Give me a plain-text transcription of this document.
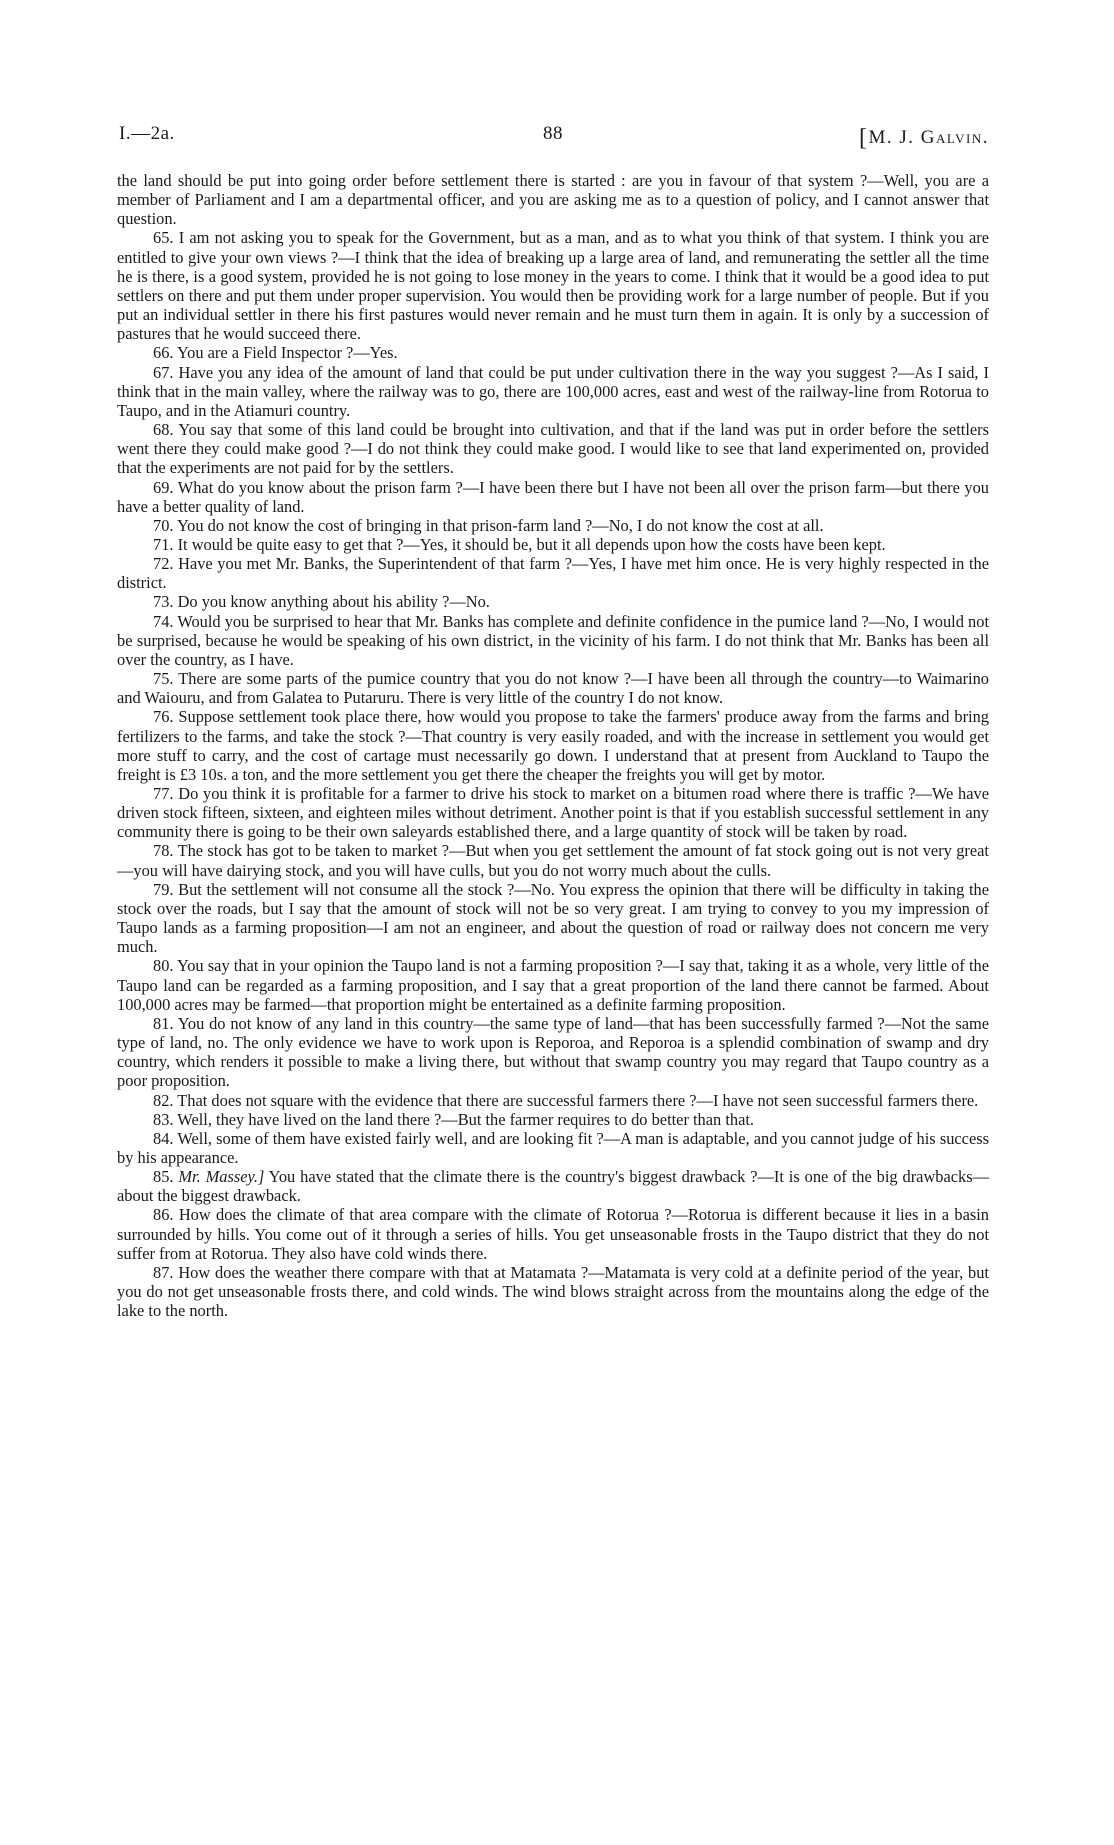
I.—2a.	88	[M. J. Galvin.

the land should be put into going order before settlement there is started : are you in favour of that system ?—Well, you are a member of Parliament and I am a departmental officer, and you are asking me as to a question of policy, and I cannot answer that question.

65. I am not asking you to speak for the Government, but as a man, and as to what you think of that system. I think you are entitled to give your own views ?—I think that the idea of breaking up a large area of land, and remunerating the settler all the time he is there, is a good system, provided he is not going to lose money in the years to come. I think that it would be a good idea to put settlers on there and put them under proper supervision. You would then be providing work for a large number of people. But if you put an individual settler in there his first pastures would never remain and he must turn them in again. It is only by a succession of pastures that he would succeed there.

66. You are a Field Inspector ?—Yes.

67. Have you any idea of the amount of land that could be put under cultivation there in the way you suggest ?—As I said, I think that in the main valley, where the railway was to go, there are 100,000 acres, east and west of the railway-line from Rotorua to Taupo, and in the Atiamuri country.

68. You say that some of this land could be brought into cultivation, and that if the land was put in order before the settlers went there they could make good ?—I do not think they could make good. I would like to see that land experimented on, provided that the experiments are not paid for by the settlers.

69. What do you know about the prison farm ?—I have been there but I have not been all over the prison farm—but there you have a better quality of land.

70. You do not know the cost of bringing in that prison-farm land ?—No, I do not know the cost at all.

71. It would be quite easy to get that ?—Yes, it should be, but it all depends upon how the costs have been kept.

72. Have you met Mr. Banks, the Superintendent of that farm ?—Yes, I have met him once. He is very highly respected in the district.

73. Do you know anything about his ability ?—No.

74. Would you be surprised to hear that Mr. Banks has complete and definite confidence in the pumice land ?—No, I would not be surprised, because he would be speaking of his own district, in the vicinity of his farm. I do not think that Mr. Banks has been all over the country, as I have.

75. There are some parts of the pumice country that you do not know ?—I have been all through the country—to Waimarino and Waiouru, and from Galatea to Putaruru. There is very little of the country I do not know.

76. Suppose settlement took place there, how would you propose to take the farmers' produce away from the farms and bring fertilizers to the farms, and take the stock ?—That country is very easily roaded, and with the increase in settlement you would get more stuff to carry, and the cost of cartage must necessarily go down. I understand that at present from Auckland to Taupo the freight is £3 10s. a ton, and the more settlement you get there the cheaper the freights you will get by motor.

77. Do you think it is profitable for a farmer to drive his stock to market on a bitumen road where there is traffic ?—We have driven stock fifteen, sixteen, and eighteen miles without detriment. Another point is that if you establish successful settlement in any community there is going to be their own saleyards established there, and a large quantity of stock will be taken by road.

78. The stock has got to be taken to market ?—But when you get settlement the amount of fat stock going out is not very great—you will have dairying stock, and you will have culls, but you do not worry much about the culls.

79. But the settlement will not consume all the stock ?—No. You express the opinion that there will be difficulty in taking the stock over the roads, but I say that the amount of stock will not be so very great. I am trying to convey to you my impression of Taupo lands as a farming proposition—I am not an engineer, and about the question of road or railway does not concern me very much.

80. You say that in your opinion the Taupo land is not a farming proposition ?—I say that, taking it as a whole, very little of the Taupo land can be regarded as a farming proposition, and I say that a great proportion of the land there cannot be farmed. About 100,000 acres may be farmed—that proportion might be entertained as a definite farming proposition.

81. You do not know of any land in this country—the same type of land—that has been successfully farmed ?—Not the same type of land, no. The only evidence we have to work upon is Reporoa, and Reporoa is a splendid combination of swamp and dry country, which renders it possible to make a living there, but without that swamp country you may regard that Taupo country as a poor proposition.

82. That does not square with the evidence that there are successful farmers there ?—I have not seen successful farmers there.

83. Well, they have lived on the land there ?—But the farmer requires to do better than that.

84. Well, some of them have existed fairly well, and are looking fit ?—A man is adaptable, and you cannot judge of his success by his appearance.

85. Mr. Massey.] You have stated that the climate there is the country's biggest drawback ?—It is one of the big drawbacks—about the biggest drawback.

86. How does the climate of that area compare with the climate of Rotorua ?—Rotorua is different because it lies in a basin surrounded by hills. You come out of it through a series of hills. You get unseasonable frosts in the Taupo district that they do not suffer from at Rotorua. They also have cold winds there.

87. How does the weather there compare with that at Matamata ?—Matamata is very cold at a definite period of the year, but you do not get unseasonable frosts there, and cold winds. The wind blows straight across from the mountains along the edge of the lake to the north.
